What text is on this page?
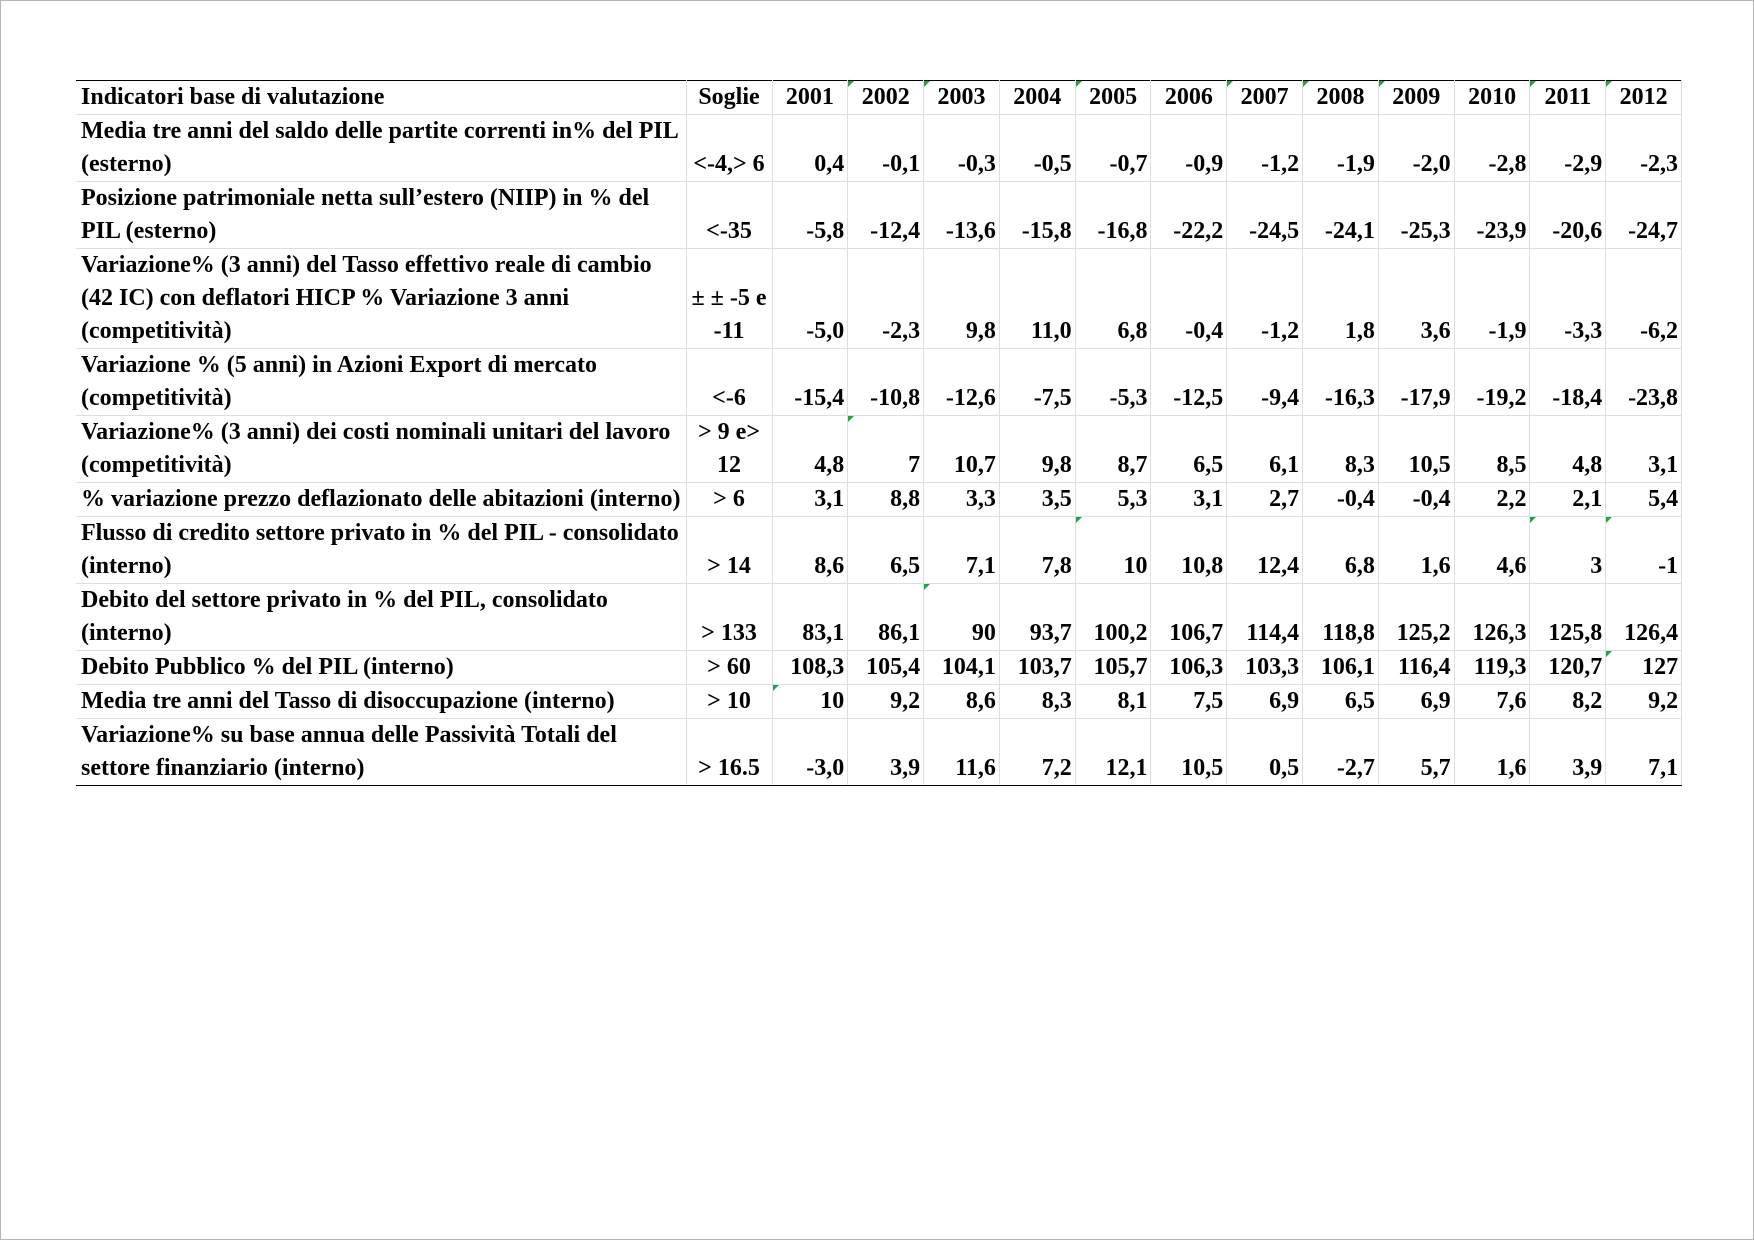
Indicatori base di valutazione	Soglie	2001	2002	2003	2004	2005	2006	2007	2008	2009	2010	2011	2012
Media tre anni del saldo delle partite correnti in% del PIL (esterno)	<-4,> 6	0,4	-0,1	-0,3	-0,5	-0,7	-0,9	-1,2	-1,9	-2,0	-2,8	-2,9	-2,3
Posizione patrimoniale netta sull’estero (NIIP) in % del PIL (esterno)	<-35	-5,8	-12,4	-13,6	-15,8	-16,8	-22,2	-24,5	-24,1	-25,3	-23,9	-20,6	-24,7
Variazione% (3 anni) del Tasso effettivo reale di cambio (42 IC) con deflatori HICP % Variazione 3 anni (competitività)	± ± -5 e -11	-5,0	-2,3	9,8	11,0	6,8	-0,4	-1,2	1,8	3,6	-1,9	-3,3	-6,2
Variazione % (5 anni) in Azioni Export di mercato (competitività)	<-6	-15,4	-10,8	-12,6	-7,5	-5,3	-12,5	-9,4	-16,3	-17,9	-19,2	-18,4	-23,8
Variazione% (3 anni) dei costi nominali unitari del lavoro (competitività)	> 9 e> 12	4,8	7	10,7	9,8	8,7	6,5	6,1	8,3	10,5	8,5	4,8	3,1
% variazione prezzo deflazionato delle abitazioni (interno)	> 6	3,1	8,8	3,3	3,5	5,3	3,1	2,7	-0,4	-0,4	2,2	2,1	5,4
Flusso di credito settore privato in % del PIL - consolidato (interno)	> 14	8,6	6,5	7,1	7,8	10	10,8	12,4	6,8	1,6	4,6	3	-1
Debito del settore privato in % del PIL, consolidato (interno)	> 133	83,1	86,1	90	93,7	100,2	106,7	114,4	118,8	125,2	126,3	125,8	126,4
Debito Pubblico % del PIL (interno)	> 60	108,3	105,4	104,1	103,7	105,7	106,3	103,3	106,1	116,4	119,3	120,7	127
Media tre anni del Tasso di disoccupazione (interno)	> 10	10	9,2	8,6	8,3	8,1	7,5	6,9	6,5	6,9	7,6	8,2	9,2
Variazione% su base annua delle Passività Totali del settore finanziario (interno)	> 16.5	-3,0	3,9	11,6	7,2	12,1	10,5	0,5	-2,7	5,7	1,6	3,9	7,1
